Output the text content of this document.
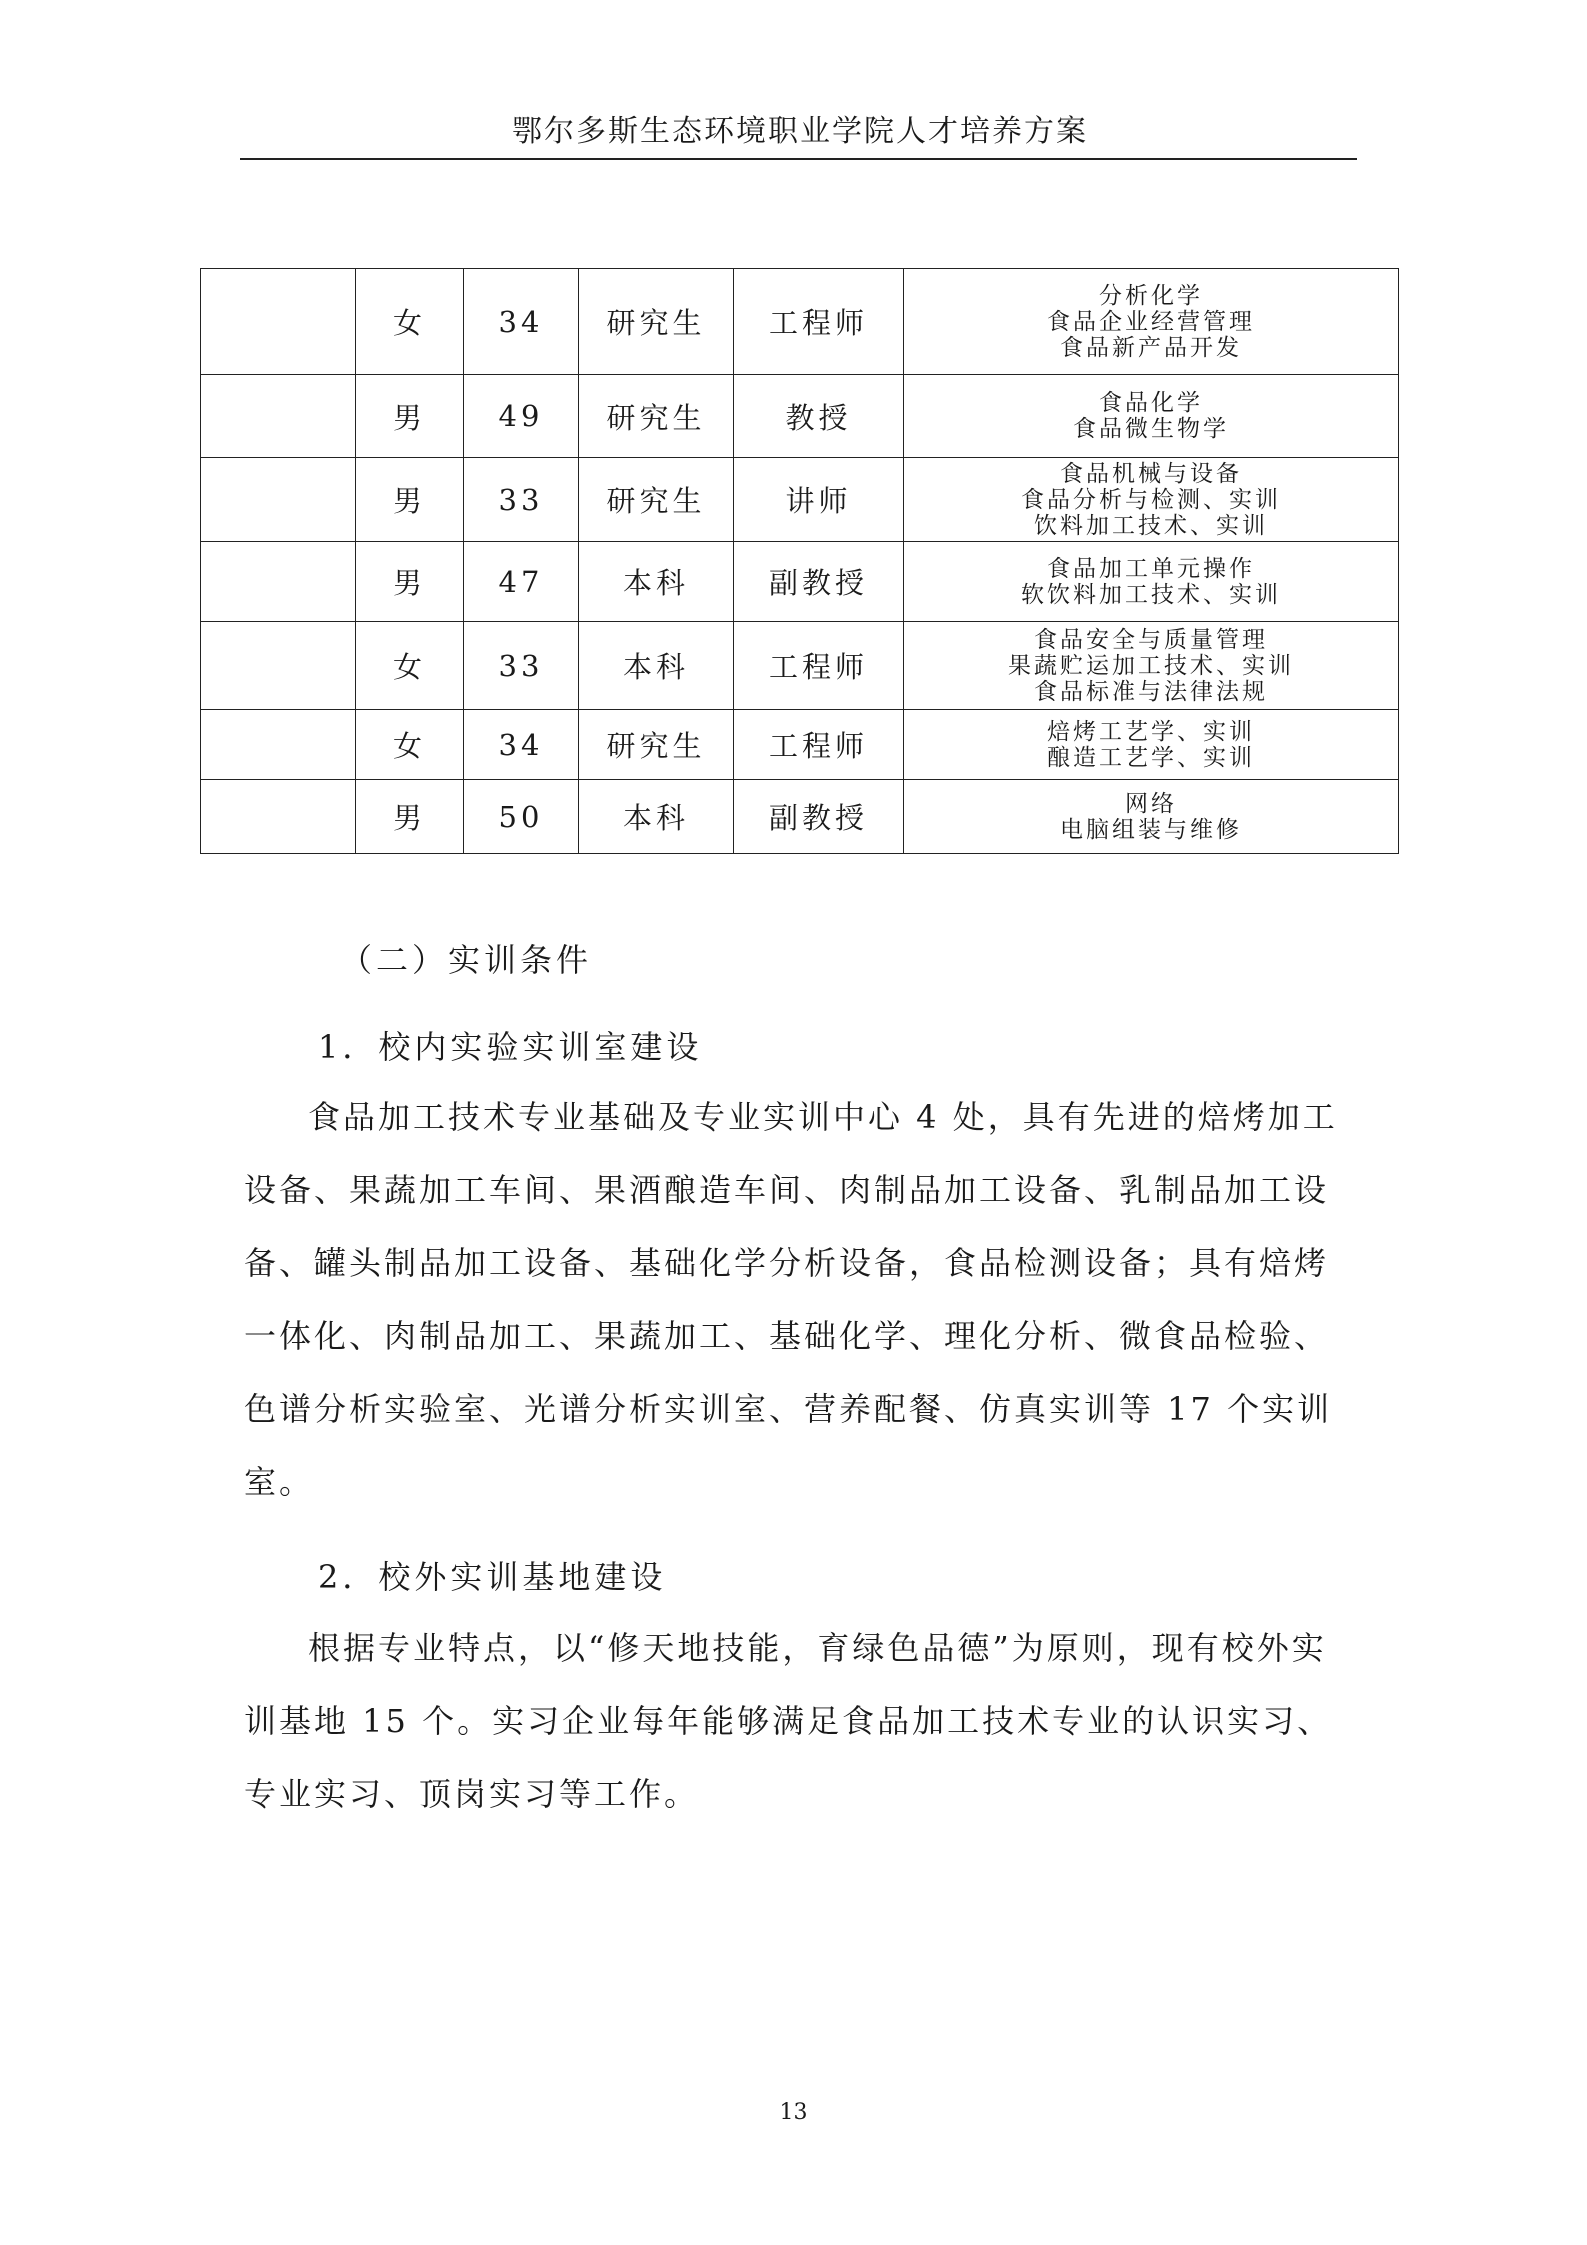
鄂尔多斯生态环境职业学院人才培养方案
	女	34	研究生	工程师	分析化学
食品企业经营管理
食品新产品开发

	男	49	研究生	教授	食品化学
食品微生物学

	男	33	研究生	讲师	食品机械与设备
食品分析与检测、实训
饮料加工技术、实训

	男	47	本科	副教授	食品加工单元操作
软饮料加工技术、实训

	女	33	本科	工程师	食品安全与质量管理
果蔬贮运加工技术、实训
食品标准与法律法规

	女	34	研究生	工程师	焙烤工艺学、实训
酿造工艺学、实训

	男	50	本科	副教授	网络
电脑组装与维修
（二）实训条件
1．校内实验实训室建设

食品加工技术专业基础及专业实训中心 4 处，具有先进的焙烤加工设备、果蔬加工车间、果酒酿造车间、肉制品加工设备、乳制品加工设备、罐头制品加工设备、基础化学分析设备，食品检测设备；具有焙烤一体化、肉制品加工、果蔬加工、基础化学、理化分析、微食品检验、色谱分析实验室、光谱分析实训室、营养配餐、仿真实训等 17 个实训室。

2．校外实训基地建设

根据专业特点，以“修天地技能，育绿色品德”为原则，现有校外实训基地 15 个。实习企业每年能够满足食品加工技术专业的认识实习、专业实习、顶岗实习等工作。

13
